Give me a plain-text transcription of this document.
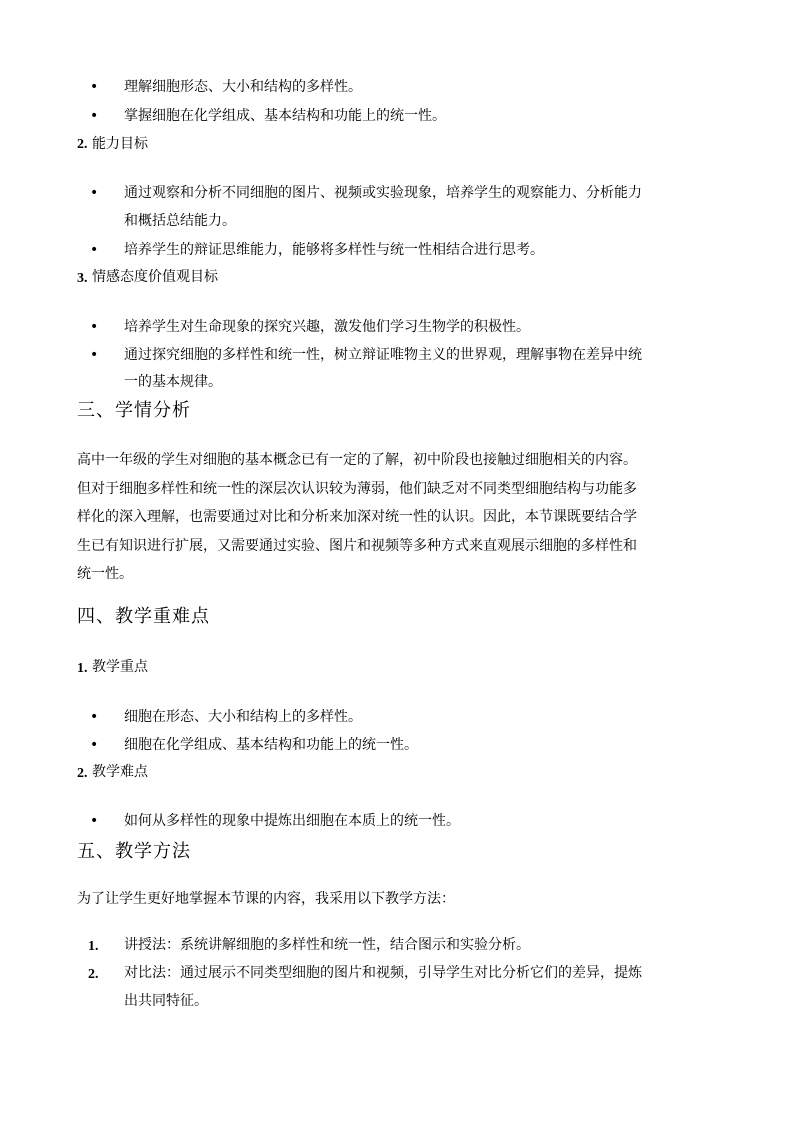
• 理解细胞形态、大小和结构的多样性。
• 掌握细胞在化学组成、基本结构和功能上的统一性。
2. 能力目标
• 通过观察和分析不同细胞的图片、视频或实验现象，培养学生的观察能力、分析能力
和概括总结能力。
• 培养学生的辩证思维能力，能够将多样性与统一性相结合进行思考。
3. 情感态度价值观目标
• 培养学生对生命现象的探究兴趣，激发他们学习生物学的积极性。
• 通过探究细胞的多样性和统一性，树立辩证唯物主义的世界观，理解事物在差异中统
一的基本规律。
三、学情分析
高中一年级的学生对细胞的基本概念已有一定的了解，初中阶段也接触过细胞相关的内容。
但对于细胞多样性和统一性的深层次认识较为薄弱，他们缺乏对不同类型细胞结构与功能多
样化的深入理解，也需要通过对比和分析来加深对统一性的认识。因此，本节课既要结合学
生已有知识进行扩展，又需要通过实验、图片和视频等多种方式来直观展示细胞的多样性和
统一性。
四、教学重难点
1. 教学重点
• 细胞在形态、大小和结构上的多样性。
• 细胞在化学组成、基本结构和功能上的统一性。
2. 教学难点
• 如何从多样性的现象中提炼出细胞在本质上的统一性。
五、教学方法
为了让学生更好地掌握本节课的内容，我采用以下教学方法：
1. 讲授法：系统讲解细胞的多样性和统一性，结合图示和实验分析。
2. 对比法：通过展示不同类型细胞的图片和视频，引导学生对比分析它们的差异，提炼
出共同特征。
